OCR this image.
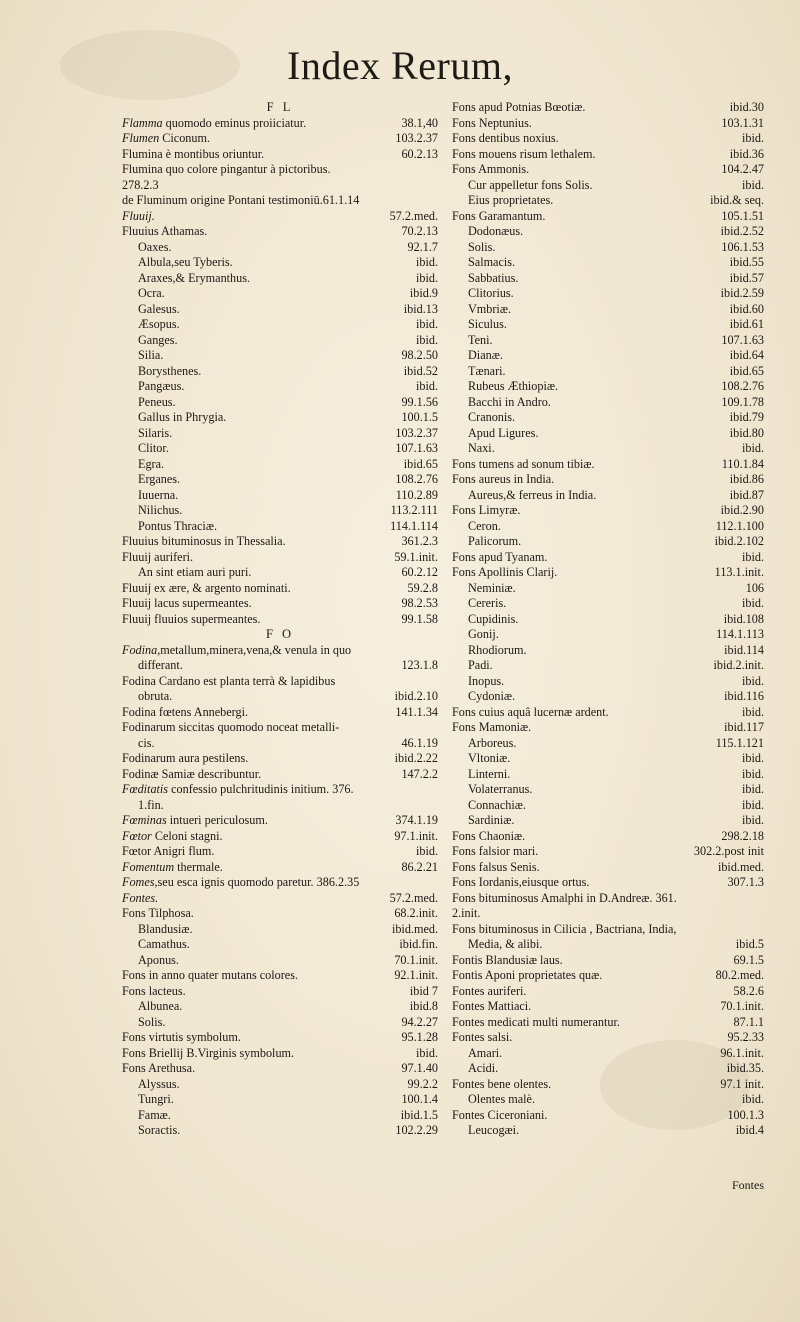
Index Rerum,
F L
Flamma quomodo eminus proiiciatur.	38.1,40
Flumen Ciconum.	103.2.37
Flumina è montibus oriuntur.	60.2.13
Flumina quo colore pingantur à pictoribus.
278.2.3
de Fluminum origine Pontani testimoniū.61.1.14
Fluuij.	57.2.med.
Fluuius Athamas.	70.2.13
Oaxes.	92.1.7
Albula,seu Tyberis.	ibid.
Araxes,& Erymanthus.	ibid.
Ocra.	ibid.9
Galesus.	ibid.13
Æsopus.	ibid.
Ganges.	ibid.
Silia.	98.2.50
Borysthenes.	ibid.52
Pangæus.	ibid.
Peneus.	99.1.56
Gallus in Phrygia.	100.1.5
Silaris.	103.2.37
Clitor.	107.1.63
Egra.	ibid.65
Erganes.	108.2.76
Iuuerna.	110.2.89
Nilichus.	113.2.111
Pontus Thraciæ.	114.1.114
Fluuius bituminosus in Thessalia.	361.2.3
Fluuij auriferi.	59.1.init.
An sint etiam auri puri.	60.2.12
Fluuij ex ære, & argento nominati.	59.2.8
Fluuij lacus supermeantes.	98.2.53
Fluuij fluuios supermeantes.	99.1.58
F O
Fodina,metallum,minera,vena,& venula in quo
differant.	123.1.8
Fodina Cardano est planta terrà & lapidibus
obruta.	ibid.2.10
Fodina fœtens Annebergi.	141.1.34
Fodinarum siccitas quomodo noceat metalli-
cis.	46.1.19
Fodinarum aura pestilens.	ibid.2.22
Fodinæ Samiæ describuntur.	147.2.2
Fœditatis confessio pulchritudinis initium. 376.
1.fin.
Fœminas intueri periculosum.	374.1.19
Fœtor Celoni stagni.	97.1.init.
Fœtor Anigri flum.	ibid.
Fomentum thermale.	86.2.21
Fomes,seu esca ignis quomodo paretur. 386.2.35
Fontes.	57.2.med.
Fons Tilphosa.	68.2.init.
Blandusiæ.	ibid.med.
Camathus.	ibid.fin.
Aponus.	70.1.init.
Fons in anno quater mutans colores.	92.1.init.
Fons lacteus.	ibid 7
Albunea.	ibid.8
Solis.	94.2.27
Fons virtutis symbolum.	95.1.28
Fons Briellij B.Virginis symbolum.	ibid.
Fons Arethusa.	97.1.40
Alyssus.	99.2.2
Tungri.	100.1.4
Famæ.	ibid.1.5
Soractis.	102.2.29
Fons apud Potnias Bœotiæ.	ibid.30
Fons Neptunius.	103.1.31
Fons dentibus noxius.	ibid.
Fons mouens risum lethalem.	ibid.36
Fons Ammonis.	104.2.47
Cur appelletur fons Solis.	ibid.
Eius proprietates.	ibid.& seq.
Fons Garamantum.	105.1.51
Dodonæus.	ibid.2.52
Solis.	106.1.53
Salmacis.	ibid.55
Sabbatius.	ibid.57
Clitorius.	ibid.2.59
Vmbriæ.	ibid.60
Siculus.	ibid.61
Teni.	107.1.63
Dianæ.	ibid.64
Tænari.	ibid.65
Rubeus Æthiopiæ.	108.2.76
Bacchi in Andro.	109.1.78
Cranonis.	ibid.79
Apud Ligures.	ibid.80
Naxi.	ibid.
Fons tumens ad sonum tibiæ.	110.1.84
Fons aureus in India.	ibid.86
Aureus,& ferreus in India.	ibid.87
Fons Limyræ.	ibid.2.90
Ceron.	112.1.100
Palicorum.	ibid.2.102
Fons apud Tyanam.	ibid.
Fons Apollinis Clarij.	113.1.init.
Neminiæ.	106
Cereris.	ibid.
Cupidinis.	ibid.108
Gonij.	114.1.113
Rhodiorum.	ibid.114
Padi.	ibid.2.init.
Inopus.	ibid.
Cydoniæ.	ibid.116
Fons cuius aquâ lucernæ ardent.	ibid.
Fons Mamoniæ.	ibid.117
Arboreus.	115.1.121
Vltoniæ.	ibid.
Linterni.	ibid.
Volaterranus.	ibid.
Connachiæ.	ibid.
Sardiniæ.	ibid.
Fons Chaoniæ.	298.2.18
Fons falsior mari.	302.2.post init
Fons falsus Senis.	ibid.med.
Fons Iordanis,eiusque ortus.	307.1.3
Fons bituminosus Amalphi in D.Andreæ. 361.
2.init.
Fons bituminosus in Cilicia , Bactriana, India,
Media, & alibi.	ibid.5
Fontis Blandusiæ laus.	69.1.5
Fontis Aponi proprietates quæ.	80.2.med.
Fontes auriferi.	58.2.6
Fontes Mattiaci.	70.1.init.
Fontes medicati multi numerantur.	87.1.1
Fontes salsi.	95.2.33
Amari.	96.1.init.
Acidi.	ibid.35.
Fontes bene olentes.	97.1 init.
Olentes malè.	ibid.
Fontes Ciceroniani.	100.1.3
Leucogæi.	ibid.4
Fontes
